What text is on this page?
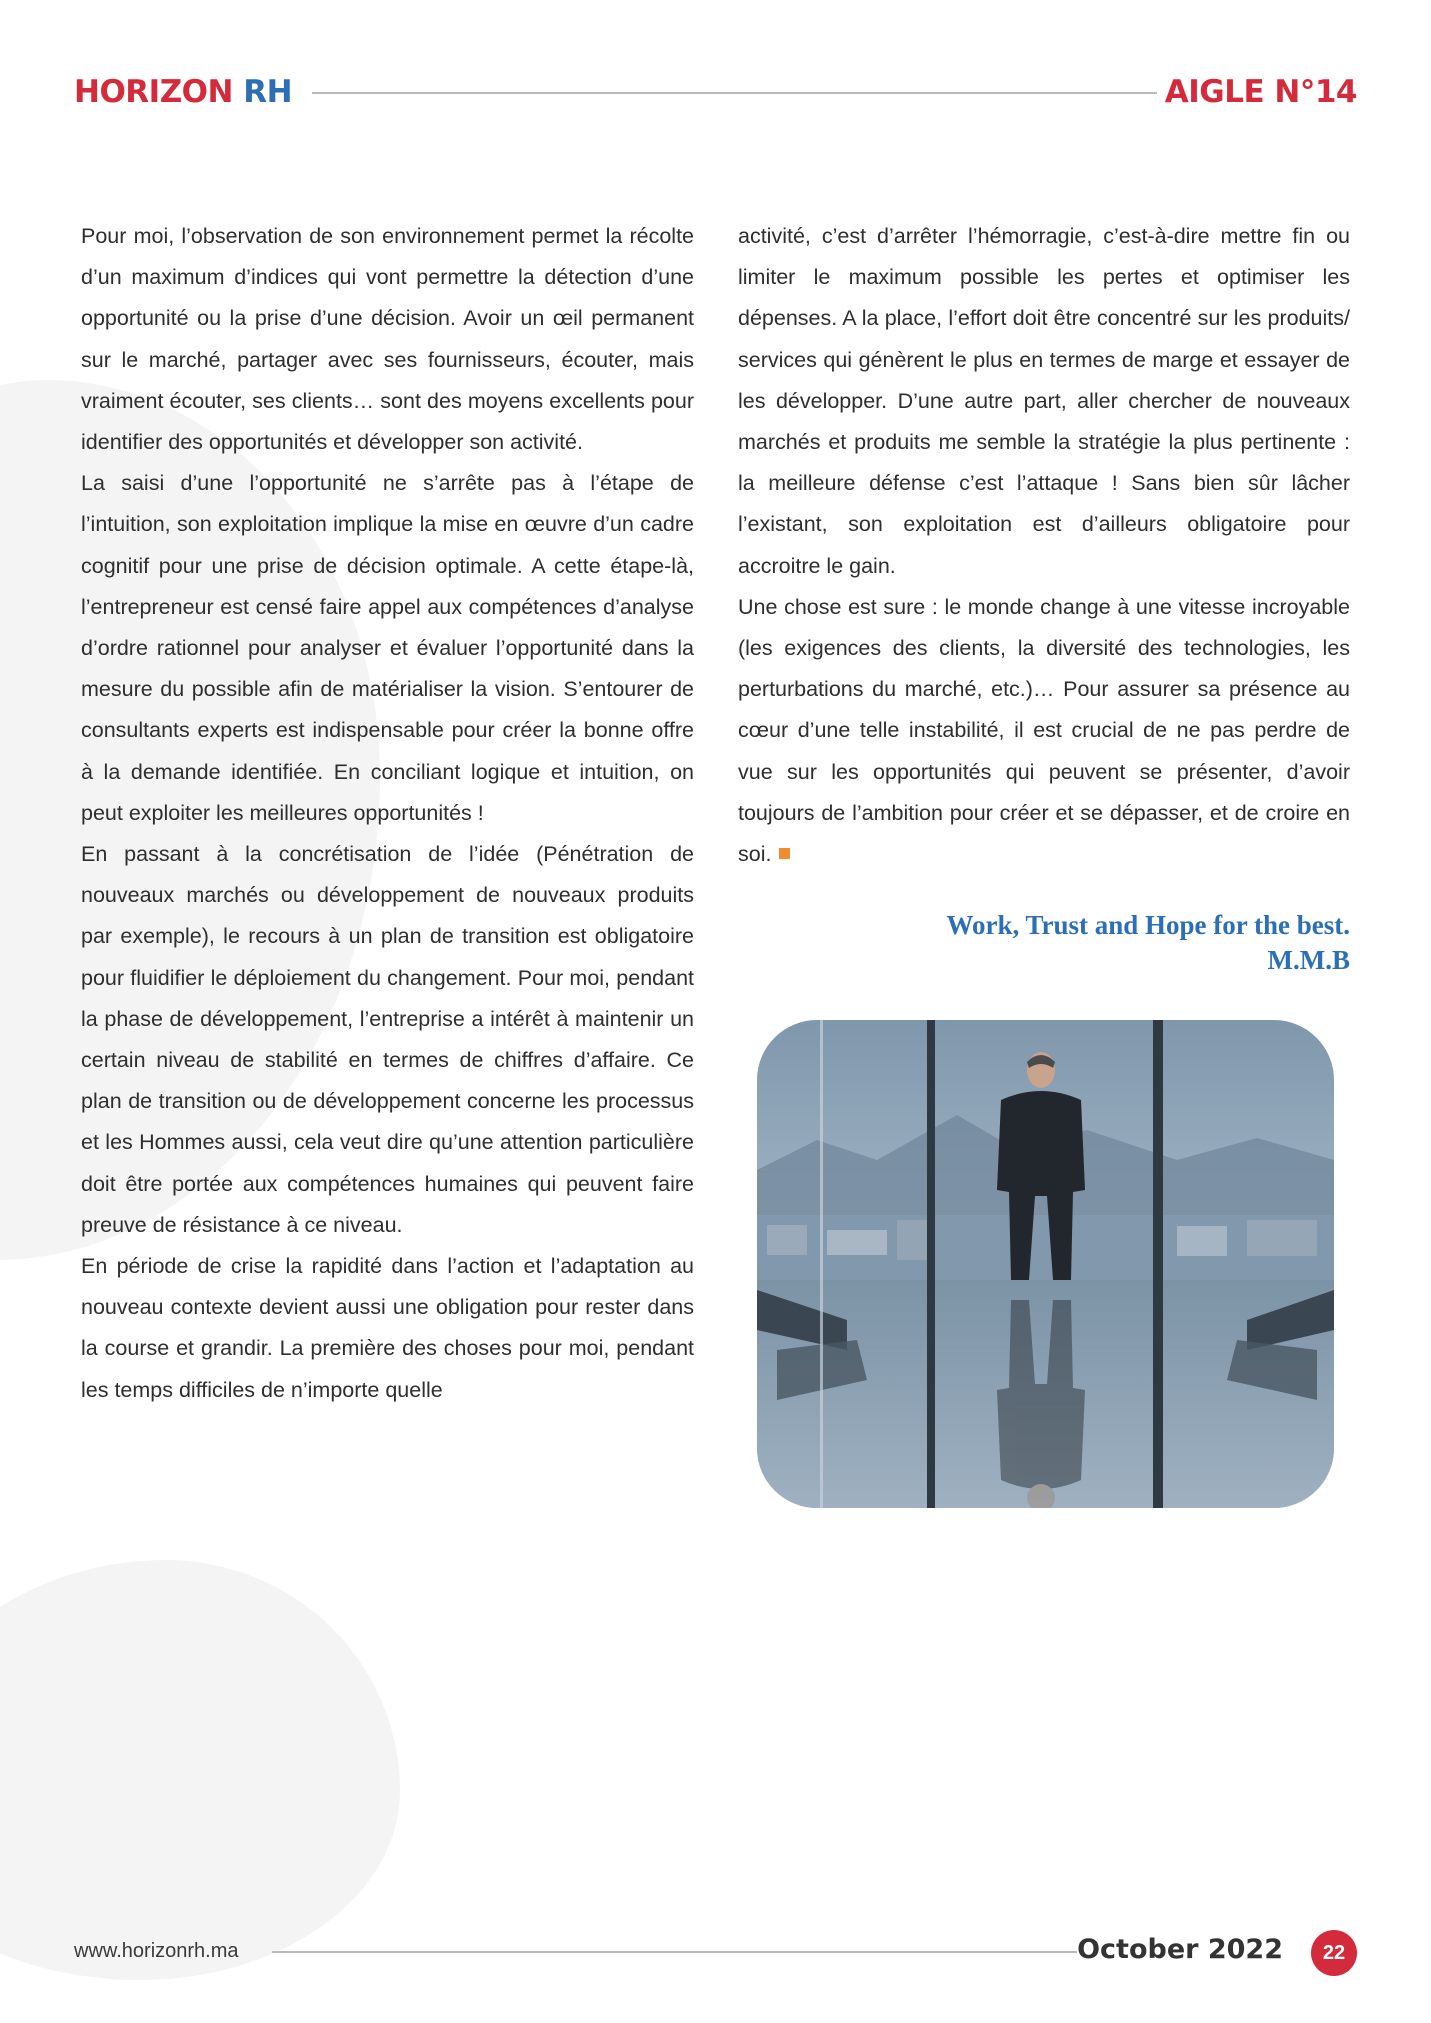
HORIZON RH	AIGLE N°14

Pour moi, l’observation de son environnement permet la récolte d’un maximum d’indices qui vont permettre la détection d’une opportunité ou la prise d’une décision. Avoir un œil permanent sur le marché, partager avec ses fournisseurs, écouter, mais vraiment écouter, ses clients… sont des moyens excellents pour identifier des opportunités et développer son activité.

La saisi d’une l’opportunité ne s’arrête pas à l’étape de l’intuition, son exploitation implique la mise en œuvre d’un cadre cognitif pour une prise de décision optimale. A cette étape-là, l’entrepreneur est censé faire appel aux compétences d’analyse d’ordre rationnel pour analyser et évaluer l’opportunité dans la mesure du possible afin de matérialiser la vision. S’entourer de consultants experts est indispensable pour créer la bonne offre à la demande identifiée. En conciliant logique et intuition, on peut exploiter les meilleures opportunités !

En passant à la concrétisation de l’idée (Pénétration de nouveaux marchés ou développement de nouveaux produits par exemple), le recours à un plan de transition est obligatoire pour fluidifier le déploiement du changement. Pour moi, pendant la phase de développement, l’entreprise a intérêt à maintenir un certain niveau de stabilité en termes de chiffres d’affaire. Ce plan de transition ou de développement concerne les processus et les Hommes aussi, cela veut dire qu’une attention particulière doit être portée aux compétences humaines qui peuvent faire preuve de résistance à ce niveau.

En période de crise la rapidité dans l’action et l’adaptation au nouveau contexte devient aussi une obligation pour rester dans la course et grandir. La première des choses pour moi, pendant les temps difficiles de n’importe quelle

activité, c’est d’arrêter l’hémorragie, c’est-à-dire mettre fin ou limiter le maximum possible les pertes et optimiser les dépenses. A la place, l’effort doit être concentré sur les produits/ services qui génèrent le plus en termes de marge et essayer de les développer. D’une autre part, aller chercher de nouveaux marchés et produits me semble la stratégie la plus pertinente : la meilleure défense c’est l’attaque ! Sans bien sûr lâcher l’existant, son exploitation est d’ailleurs obligatoire pour accroitre le gain.

Une chose est sure : le monde change à une vitesse incroyable (les exigences des clients, la diversité des technologies, les perturbations du marché, etc.)… Pour assurer sa présence au cœur d’une telle instabilité, il est crucial de ne pas perdre de vue sur les opportunités qui peuvent se présenter, d’avoir toujours de l’ambition pour créer et se dépasser, et de croire en soi.

Work, Trust and Hope for the best.
M.M.B
www.horizonrh.ma	October 2022	22
